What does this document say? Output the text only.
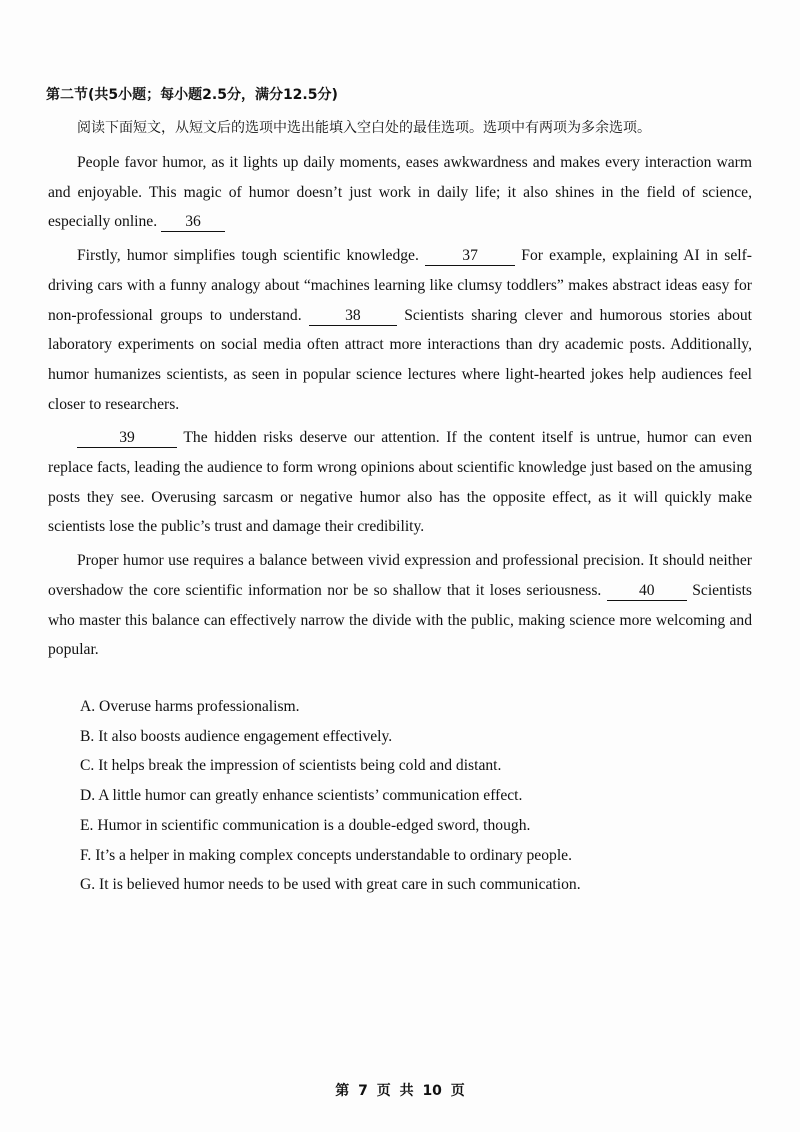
第二节(共5小题；每小题2.5分，满分12.5分)
阅读下面短文，从短文后的选项中选出能填入空白处的最佳选项。选项中有两项为多余选项。

People favor humor, as it lights up daily moments, eases awkwardness and makes every interaction warm and enjoyable. This magic of humor doesn’t just work in daily life; it also shines in the field of science, especially online. 36

Firstly, humor simplifies tough scientific knowledge. 37 For example, explaining AI in self-driving cars with a funny analogy about “machines learning like clumsy toddlers” makes abstract ideas easy for non-professional groups to understand. 38 Scientists sharing clever and humorous stories about laboratory experiments on social media often attract more interactions than dry academic posts. Additionally, humor humanizes scientists, as seen in popular science lectures where light-hearted jokes help audiences feel closer to researchers.

39	The hidden risks deserve our attention. If the content itself is untrue, humor can even replace facts, leading the audience to form wrong opinions about scientific knowledge just based on the amusing posts they see. Overusing sarcasm or negative humor also has the opposite effect, as it will quickly make scientists lose the public’s trust and damage their credibility.

Proper humor use requires a balance between vivid expression and professional precision. It should neither overshadow the core scientific information nor be so shallow that it loses seriousness. 40 Scientists who master this balance can effectively narrow the divide with the public, making science more welcoming and popular.

A. Overuse harms professionalism.
B. It also boosts audience engagement effectively.
C. It helps break the impression of scientists being cold and distant.
D. A little humor can greatly enhance scientists’ communication effect.
E. Humor in scientific communication is a double-edged sword, though.
F. It’s a helper in making complex concepts understandable to ordinary people.
G. It is believed humor needs to be used with great care in such communication.
第 7 页 共 10 页
